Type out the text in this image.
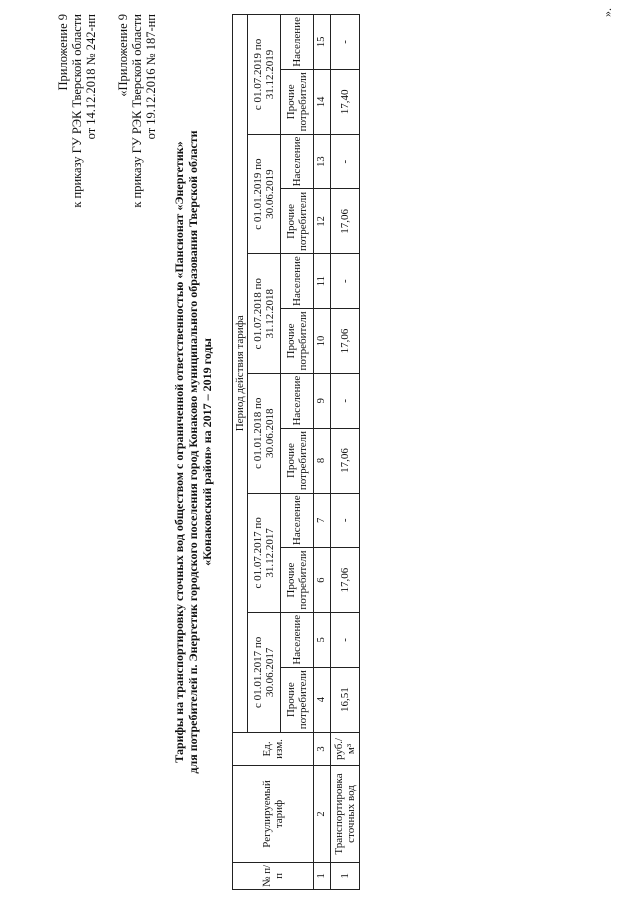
Приложение 9 к приказу ГУ РЭК Тверской области от 14.12.2018 № 242-нп «Приложение 9 к приказу ГУ РЭК Тверской области от 19.12.2016 № 187-нп
Тарифы на транспортировку сточных вод обществом с ограниченной ответственностью «Пансионат «Энергетик» для потребителей п. Энергетик городского поселения город Конаково муниципального образования Тверской области «Конаковский район» на 2017 – 2019 годы
№ п/п	Регулируемый тариф	Ед. изм.	Период действия тарифа											
			с 01.01.2017 по 30.06.2017		с 01.07.2017 по 31.12.2017		с 01.01.2018 по 30.06.2018		с 01.07.2018 по 31.12.2018		с 01.01.2019 по 30.06.2019		с 01.07.2019 по 31.12.2019	
			Прочие потребители	Население	Прочие потребители	Население	Прочие потребители	Население	Прочие потребители	Население	Прочие потребители	Население	Прочие потребители	Население
1	2	3	4	5	6	7	8	9	10	11	12	13	14	15
1	Транспортировка сточных вод	руб./м³	16,51	-	17,06	-	17,06	-	17,06	-	17,06	-	17,40	-
».
